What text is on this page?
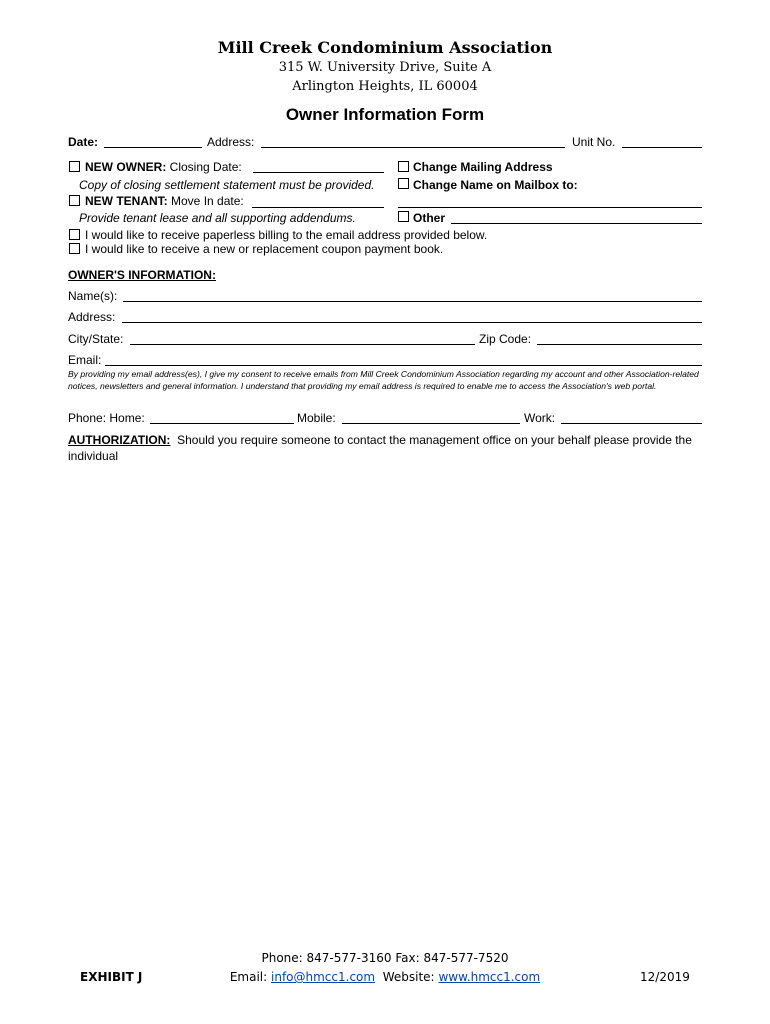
Mill Creek Condominium Association
315 W. University Drive, Suite A
Arlington Heights, IL 60004
Owner Information Form
Date:	Address:	Unit No.
NEW OWNER: Closing Date:
Copy of closing settlement statement must be provided.
NEW TENANT: Move In date:
Provide tenant lease and all supporting addendums.
Change Mailing Address
Change Name on Mailbox to:
Other
I would like to receive paperless billing to the email address provided below.
I would like to receive a new or replacement coupon payment book.
OWNER'S INFORMATION:
Name(s):
Address:
City/State:	Zip Code:
Email:
By providing my email address(es), I give my consent to receive emails from Mill Creek Condominium Association regarding my account and other Association-related notices, newsletters and general information. I understand that providing my email address is required to enable me to access the Association's web portal.
Phone: Home:	Mobile:	Work:
AUTHORIZATION: Should you require someone to contact the management office on your behalf please provide the individual
EXHIBIT J
Phone: 847-577-3160 Fax: 847-577-7520
Email: info@hmcc1.com Website: www.hmcc1.com	12/2019
